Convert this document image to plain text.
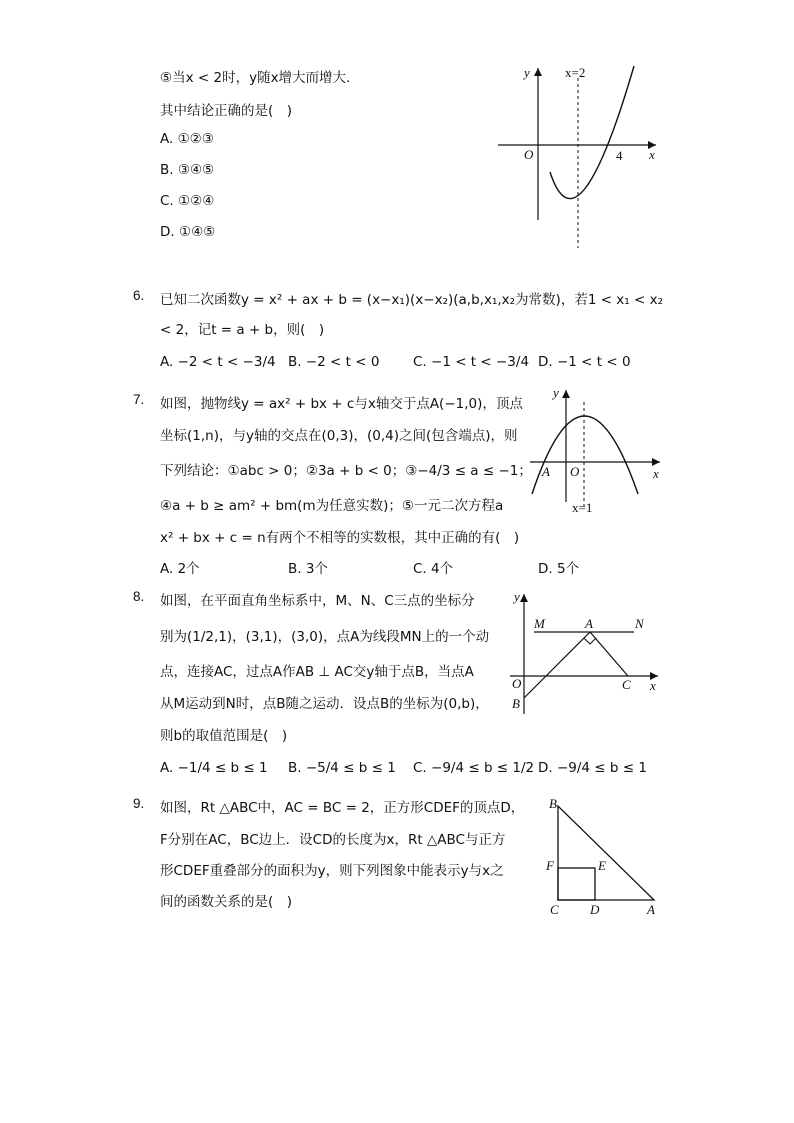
⑤当x < 2时，y随x增大而增大.
其中结论正确的是(　)
A. ①②③
B. ③④⑤
C. ①②④
D. ①④⑤
y
x
O
x=2
4
6. 已知二次函数y = x² + ax + b = (x−x₁)(x−x₂)(a,b,x₁,x₂为常数)，若1 < x₁ < x₂
< 2，记t = a + b，则(　)
A. −2 < t < −3/4 B. −2 < t < 0 C. −1 < t < −3/4 D. −1 < t < 0
7. 如图，抛物线y = ax² + bx + c与x轴交于点A(−1,0)，顶点
坐标(1,n)，与y轴的交点在(0,3)，(0,4)之间(包含端点)，则
下列结论：①abc > 0；②3a + b < 0；③−4/3 ≤ a ≤ −1；
④a + b ≥ am² + bm(m为任意实数)；⑤一元二次方程a
x² + bx + c = n有两个不相等的实数根，其中正确的有(　)
A. 2个	B. 3个	C. 4个	D. 5个
y
x
O
A
x=1
8. 如图，在平面直角坐标系中，M、N、C三点的坐标分
别为(1/2,1)，(3,1)，(3,0)，点A为线段MN上的一个动
点，连接AC，过点A作AB ⊥ AC交y轴于点B，当点A
从M运动到N时，点B随之运动．设点B的坐标为(0,b)，
则b的取值范围是(　)
A. −1/4 ≤ b ≤ 1 B. −5/4 ≤ b ≤ 1 C. −9/4 ≤ b ≤ 1/2 D. −9/4 ≤ b ≤ 1
y
x
O
M	N
A
B
C
9. 如图，Rt △ABC中，AC = BC = 2，正方形CDEF的顶点D，
F分别在AC，BC边上．设CD的长度为x，Rt △ABC与正方
形CDEF重叠部分的面积为y，则下列图象中能表示y与x之
间的函数关系的是(　)
B
F	E
C D	A
